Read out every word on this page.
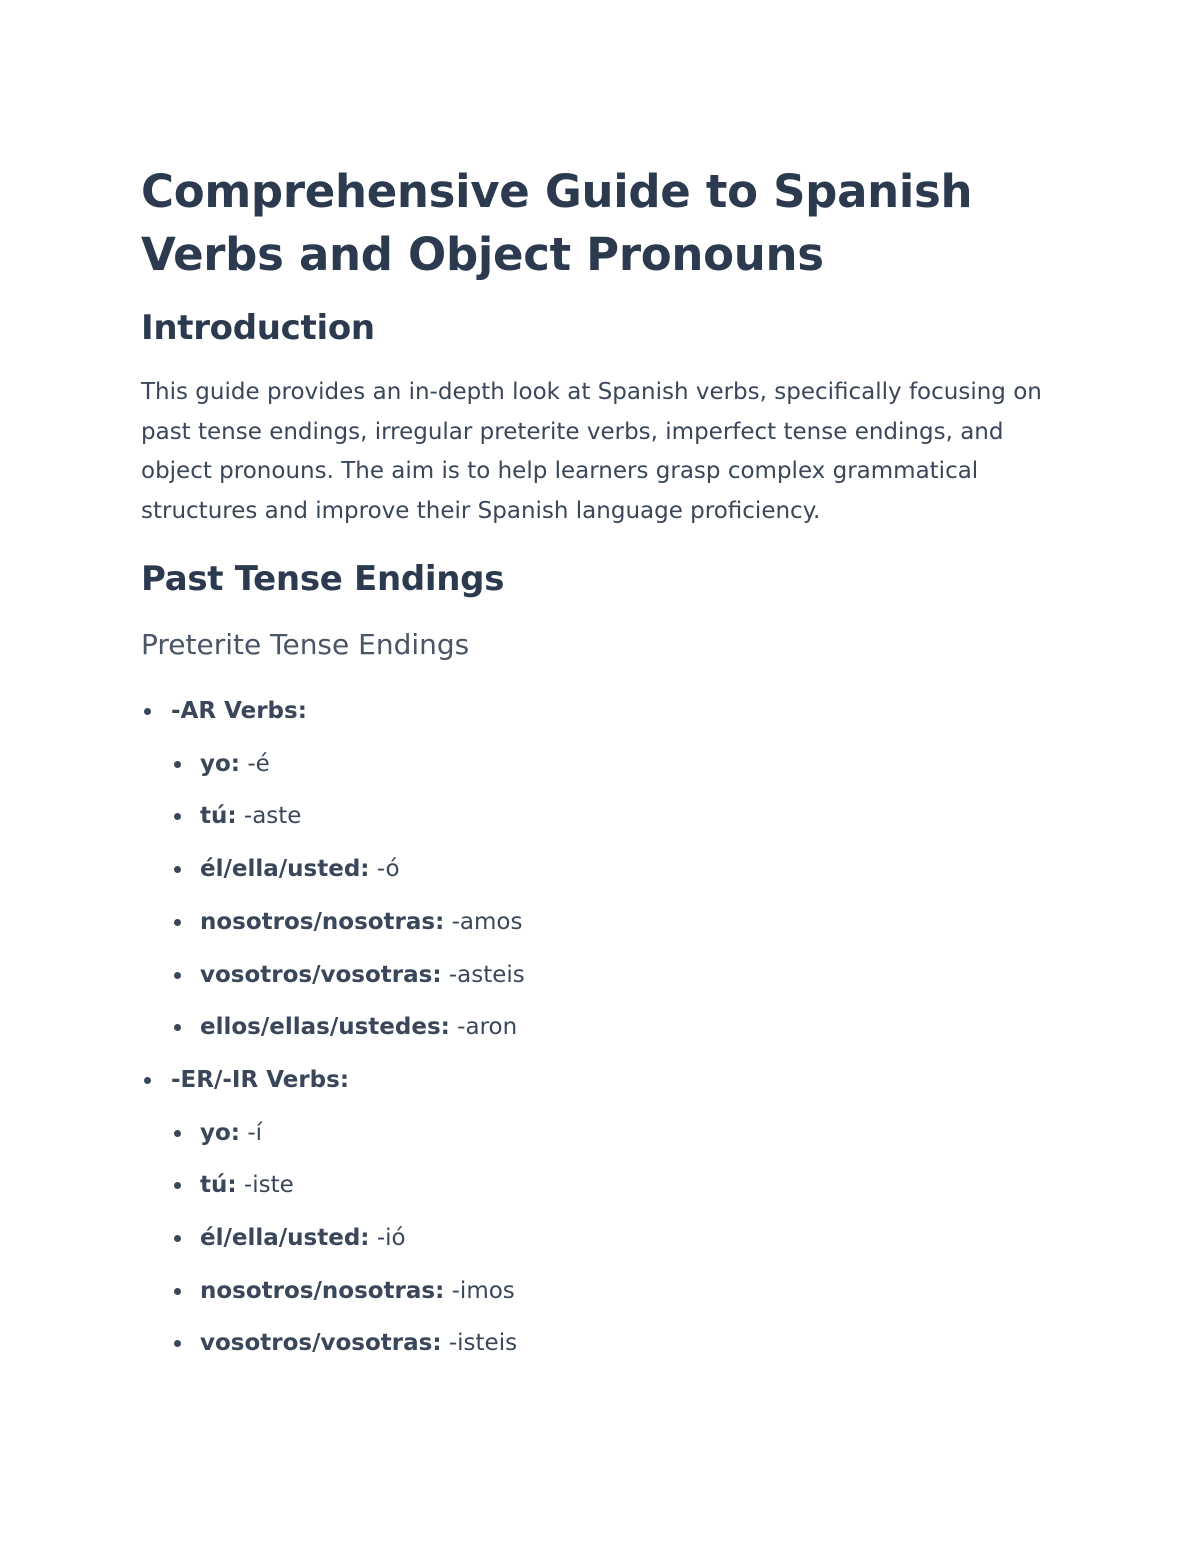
Comprehensive Guide to Spanish Verbs and Object Pronouns
Introduction

This guide provides an in-depth look at Spanish verbs, specifically focusing on past tense endings, irregular preterite verbs, imperfect tense endings, and object pronouns. The aim is to help learners grasp complex grammatical structures and improve their Spanish language proficiency.

Past Tense Endings
Preterite Tense Endings
-AR Verbs:
yo: -é
tú: -aste
él/ella/usted: -ó
nosotros/nosotras: -amos
vosotros/vosotras: -asteis
ellos/ellas/ustedes: -aron
-ER/-IR Verbs:
yo: -í
tú: -iste
él/ella/usted: -ió
nosotros/nosotras: -imos
vosotros/vosotras: -isteis
